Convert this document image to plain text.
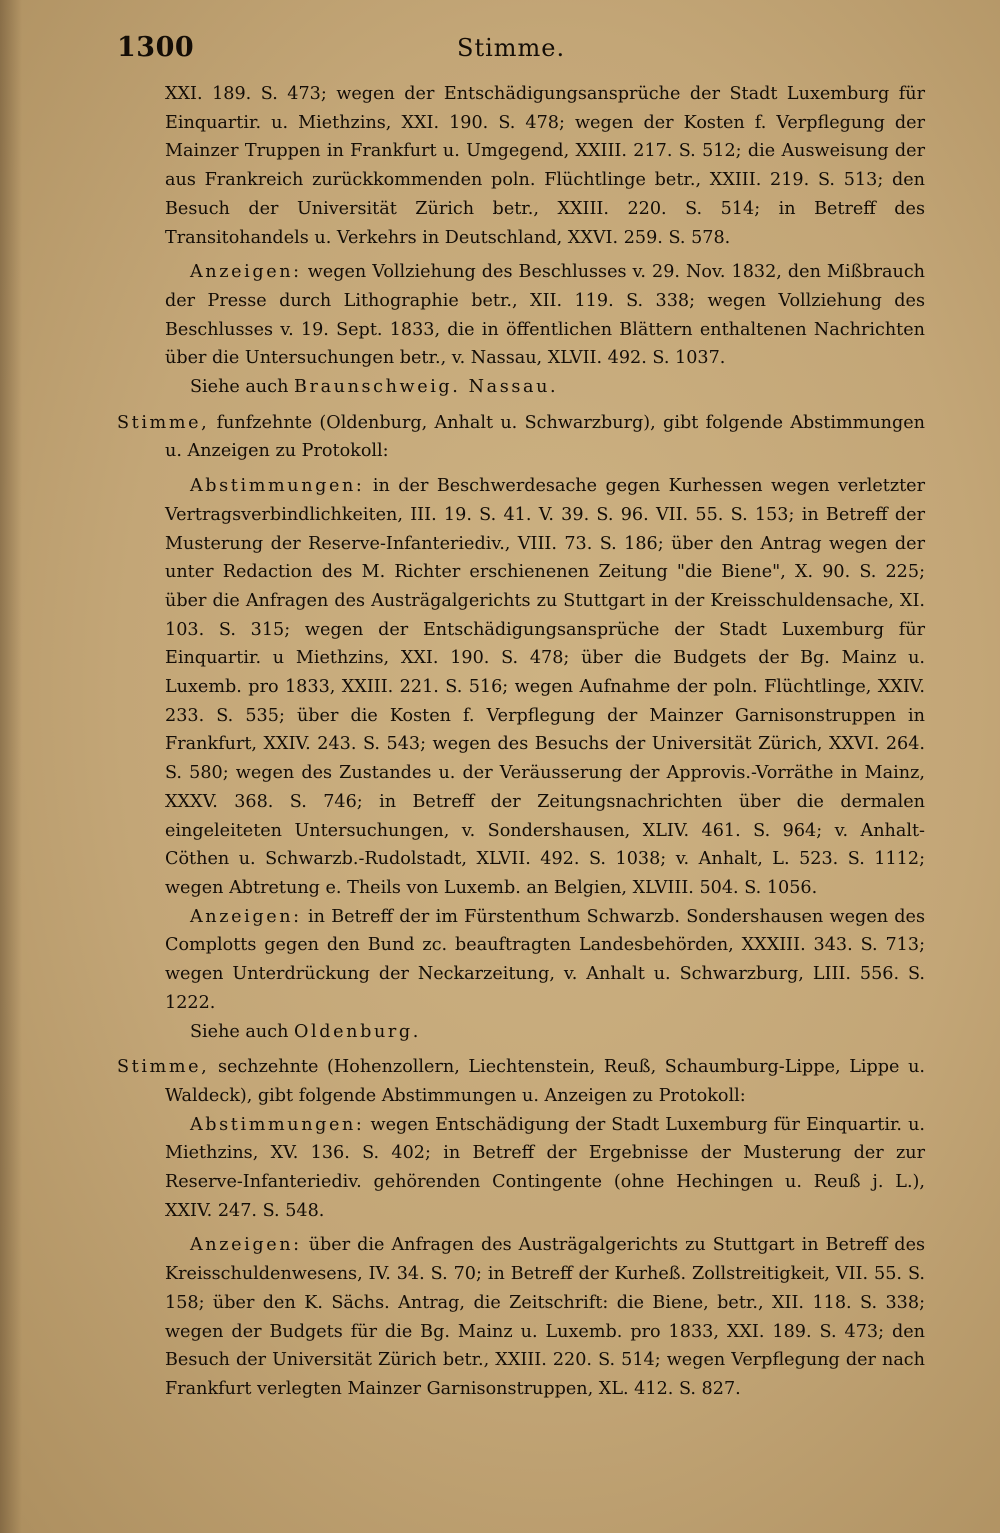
1300	Stimme.

XXI. 189. S. 473; wegen der Entschädigungsansprüche der Stadt Luxemburg für Einquartir. u. Miethzins, XXI. 190. S. 478; wegen der Kosten f. Verpflegung der Mainzer Truppen in Frankfurt u. Umgegend, XXIII. 217. S. 512; die Ausweisung der aus Frankreich zurückkommenden poln. Flüchtlinge betr., XXIII. 219. S. 513; den Besuch der Universität Zürich betr., XXIII. 220. S. 514; in Betreff des Transitohandels u. Verkehrs in Deutschland, XXVI. 259. S. 578.

Anzeigen: wegen Vollziehung des Beschlusses v. 29. Nov. 1832, den Mißbrauch der Presse durch Lithographie betr., XII. 119. S. 338; wegen Vollziehung des Beschlusses v. 19. Sept. 1833, die in öffentlichen Blättern enthaltenen Nachrichten über die Untersuchungen betr., v. Nassau, XLVII. 492. S. 1037.

Siehe auch Braunschweig. Nassau.

Stimme, funfzehnte (Oldenburg, Anhalt u. Schwarzburg), gibt folgende Abstimmungen u. Anzeigen zu Protokoll:

Abstimmungen: in der Beschwerdesache gegen Kurhessen wegen verletzter Vertragsverbindlichkeiten, III. 19. S. 41. V. 39. S. 96. VII. 55. S. 153; in Betreff der Musterung der Reserve-Infanteriediv., VIII. 73. S. 186; über den Antrag wegen der unter Redaction des M. Richter erschienenen Zeitung "die Biene", X. 90. S. 225; über die Anfragen des Austrägalgerichts zu Stuttgart in der Kreisschuldensache, XI. 103. S. 315; wegen der Entschädigungsansprüche der Stadt Luxemburg für Einquartir. u Miethzins, XXI. 190. S. 478; über die Budgets der Bg. Mainz u. Luxemb. pro 1833, XXIII. 221. S. 516; wegen Aufnahme der poln. Flüchtlinge, XXIV. 233. S. 535; über die Kosten f. Verpflegung der Mainzer Garnisonstruppen in Frankfurt, XXIV. 243. S. 543; wegen des Besuchs der Universität Zürich, XXVI. 264. S. 580; wegen des Zustandes u. der Veräusserung der Approvis.-Vorräthe in Mainz, XXXV. 368. S. 746; in Betreff der Zeitungsnachrichten über die dermalen eingeleiteten Untersuchungen, v. Sondershausen, XLIV. 461. S. 964; v. Anhalt-Cöthen u. Schwarzb.-Rudolstadt, XLVII. 492. S. 1038; v. Anhalt, L. 523. S. 1112; wegen Abtretung e. Theils von Luxemb. an Belgien, XLVIII. 504. S. 1056.

Anzeigen: in Betreff der im Fürstenthum Schwarzb. Sondershausen wegen des Complotts gegen den Bund zc. beauftragten Landesbehörden, XXXIII. 343. S. 713; wegen Unterdrückung der Neckarzeitung, v. Anhalt u. Schwarzburg, LIII. 556. S. 1222.

Siehe auch Oldenburg.

Stimme, sechzehnte (Hohenzollern, Liechtenstein, Reuß, Schaumburg-Lippe, Lippe u. Waldeck), gibt folgende Abstimmungen u. Anzeigen zu Protokoll:

Abstimmungen: wegen Entschädigung der Stadt Luxemburg für Einquartir. u. Miethzins, XV. 136. S. 402; in Betreff der Ergebnisse der Musterung der zur Reserve-Infanteriediv. gehörenden Contingente (ohne Hechingen u. Reuß j. L.), XXIV. 247. S. 548.

Anzeigen: über die Anfragen des Austrägalgerichts zu Stuttgart in Betreff des Kreisschuldenwesens, IV. 34. S. 70; in Betreff der Kurheß. Zollstreitigkeit, VII. 55. S. 158; über den K. Sächs. Antrag, die Zeitschrift: die Biene, betr., XII. 118. S. 338; wegen der Budgets für die Bg. Mainz u. Luxemb. pro 1833, XXI. 189. S. 473; den Besuch der Universität Zürich betr., XXIII. 220. S. 514; wegen Verpflegung der nach Frankfurt verlegten Mainzer Garnisonstruppen, XL. 412. S. 827.
